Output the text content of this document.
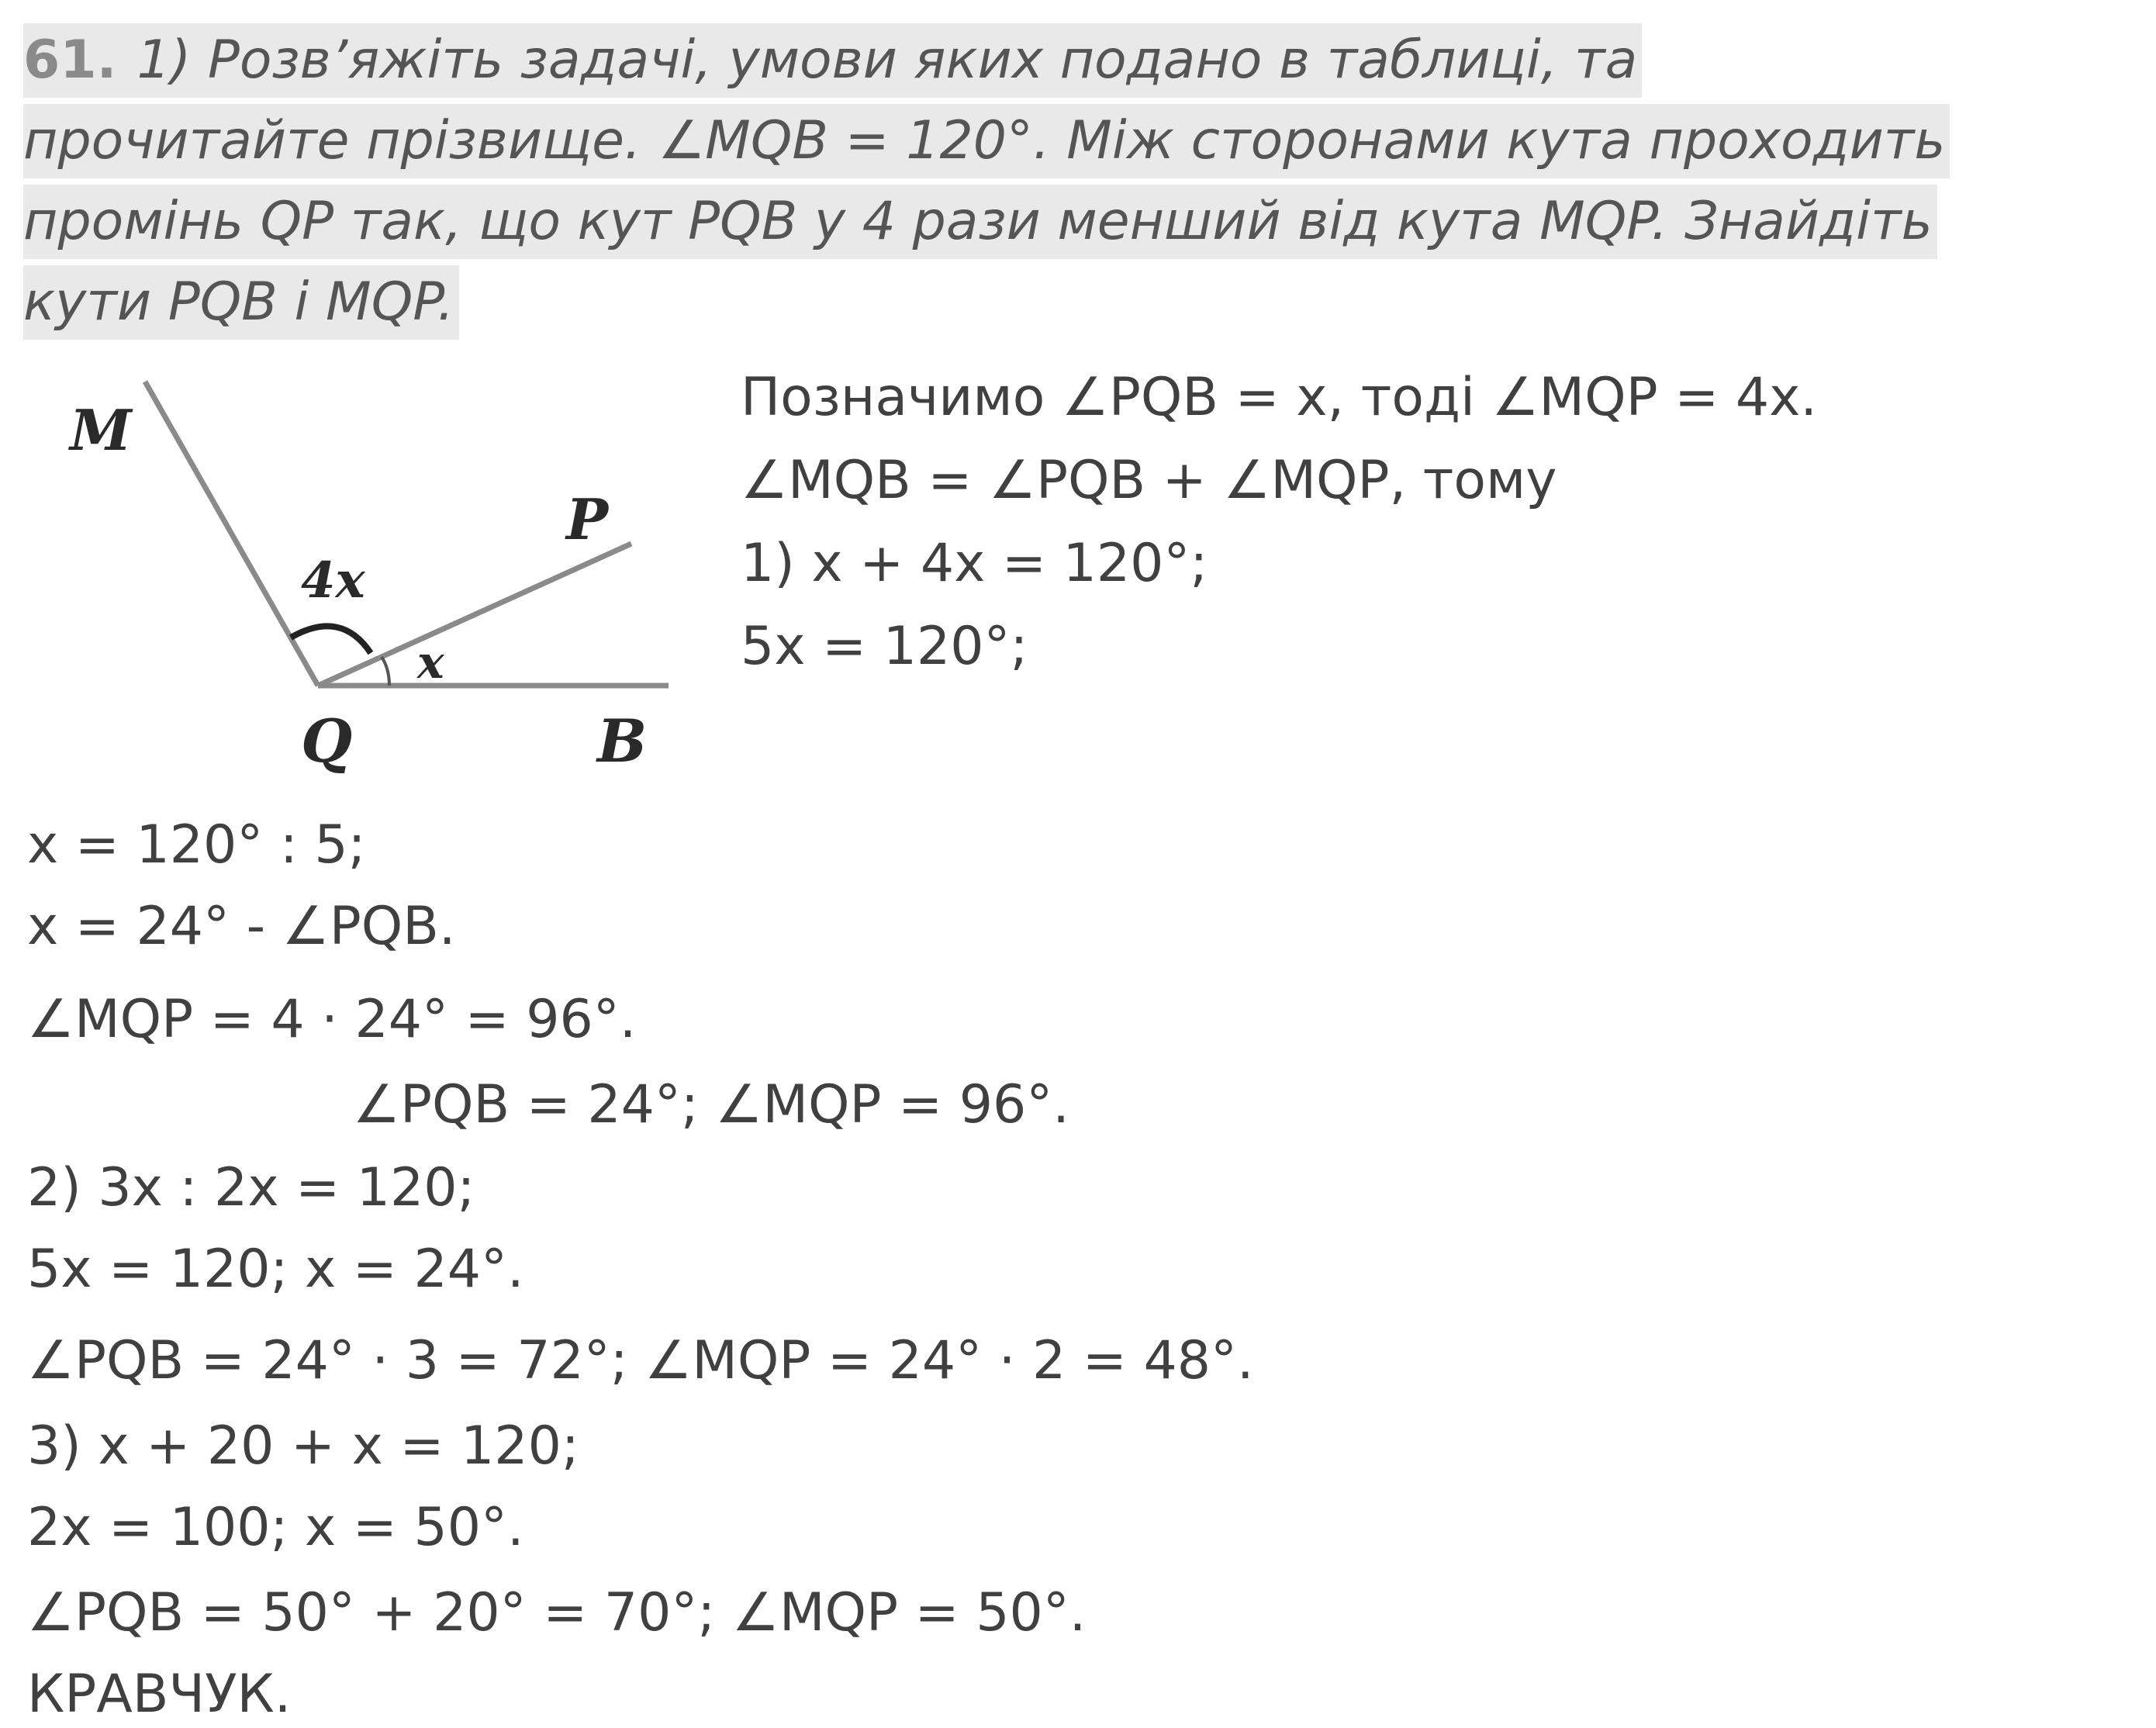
61. 1) Розв’яжіть задачі, умови яких подано в таблиці, та
прочитайте прізвище. ∠MQB = 120°. Між сторонами кута проходить
промінь QP так, що кут PQB у 4 рази менший від кута MQP. Знайдіть
кути PQB і MQP.
M
P
4x
x
Q	B
Позначимо ∠PQB = x, тоді ∠MQP = 4x.
∠MQB = ∠PQB + ∠MQP, тому
1) x + 4x = 120°;
5x = 120°;
x = 120° : 5;
x = 24° - ∠PQB.
∠MQP = 4 · 24° = 96°.
∠PQB = 24°; ∠MQP = 96°.
2) 3x : 2x = 120;
5x = 120; x = 24°.
∠PQB = 24° · 3 = 72°; ∠MQP = 24° · 2 = 48°.
3) x + 20 + x = 120;
2x = 100; x = 50°.
∠PQB = 50° + 20° = 70°; ∠MQP = 50°.
КРАВЧУК.
